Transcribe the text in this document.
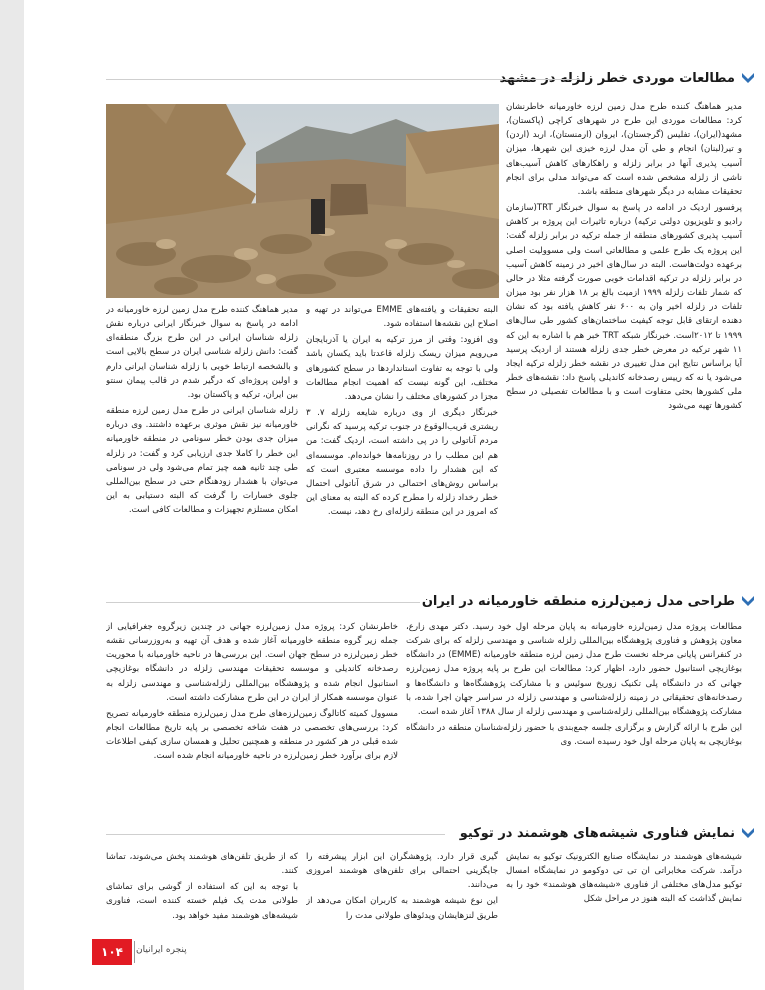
مطالعات موردی خطر زلزله در مشهد

مدیر هماهنگ کننده طرح مدل زمین لرزه خاورمیانه خاطرنشان کرد: مطالعات موردی این طرح در شهرهای کراچی (پاکستان)، مشهد(ایران)، تفلیس (گرجستان)، ایروان (ارمنستان)، اربد (اردن) و تیر(لبنان) انجام و طی آن مدل لرزه خیزی این شهرها، میزان آسیب پذیری آنها در برابر زلزله و راهکارهای کاهش آسیب‌های ناشی از زلزله مشخص شده است که می‌تواند مدلی برای انجام تحقیقات مشابه در دیگر شهرهای منطقه باشد.

پرفسور اردیک در ادامه در پاسخ به سوال خبرنگار TRT(سازمان رادیو و تلویزیون دولتی ترکیه) درباره تاثیرات این پروژه بر کاهش آسیب پذیری کشورهای منطقه از جمله ترکیه در برابر زلزله گفت: این پروژه یک طرح علمی و مطالعاتی است ولی مسوولیت اصلی برعهده دولت‌هاست. البته در سال‌های اخیر در زمینه کاهش آسیب در برابر زلزله در ترکیه اقدامات خوبی صورت گرفته مثلا در حالی که شمار تلفات زلزله ۱۹۹۹ ازمیت بالغ بر ۱۸ هزار نفر بود میزان تلفات در زلزله اخیر وان به ۶۰۰ نفر کاهش یافته بود که نشان دهنده ارتقای قابل توجه کیفیت ساختمان‌های کشور طی سال‌های ۱۹۹۹ تا ۲۰۱۲است. خبرنگار شبکه TRT خبر هم با اشاره به این که ۱۱ شهر ترکیه در معرض خطر جدی زلزله هستند از اردیک پرسید آیا براساس نتایج این مدل تغییری در نقشه خطر زلزله ترکیه ایجاد می‌شود یا نه که رییس رصدخانه کاندیلی پاسخ داد: نقشه‌های خطر ملی کشورها بحثی متفاوت است و با مطالعات تفصیلی در سطح کشورها تهیه می‌شود

البته تحقیقات و یافته‌های EMME می‌تواند در تهیه و اصلاح این نقشه‌ها استفاده شود.

وی افزود: وقتی از مرز ترکیه به ایران یا آذربایجان می‌رویم میزان ریسک زلزله قاعدتا باید یکسان باشد ولی با توجه به تفاوت استانداردها در سطح کشورهای مختلف، این گونه نیست که اهمیت انجام مطالعات مجزا در کشورهای مختلف را نشان می‌دهد.

خبرنگار دیگری از وی درباره شایعه زلزله ۷. ۳ ریشتری قریب‌الوقوع در جنوب ترکیه پرسید که نگرانی مردم آناتولی را در پی داشته است، اردیک گفت: من هم این مطلب را در روزنامه‌ها خوانده‌ام. موسسه‌ای که این هشدار را داده موسسه معتبری است که براساس روش‌های احتمالی در شرق آناتولی احتمال خطر رخداد زلزله را مطرح کرده که البته به معنای این که امروز در این منطقه زلزله‌ای رخ دهد، نیست.

مدیر هماهنگ کننده طرح مدل زمین لرزه خاورمیانه در ادامه در پاسخ به سوال خبرنگار ایرانی درباره نقش زلزله شناسان ایرانی در این طرح بزرگ منطقه‌ای گفت: دانش زلزله شناسی ایران در سطح بالایی است و بالشخصه ارتباط خوبی با زلزله شناسان ایرانی دارم و اولین پروژه‌ای که درگیر شدم در قالب پیمان سنتو بین ایران، ترکیه و پاکستان بود.

زلزله شناسان ایرانی در طرح مدل زمین لرزه منطقه خاورمیانه نیز نقش موثری برعهده داشتند. وی درباره میزان جدی بودن خطر سونامی در منطقه خاورمیانه این خطر را کاملا جدی ارزیابی کرد و گفت: در زلزله طی چند ثانیه همه چیز تمام می‌شود ولی در سونامی می‌توان با هشدار زودهنگام حتی در سطح بین‌المللی جلوی خسارات را گرفت که البته دستیابی به این امکان مستلزم تجهیزات و مطالعات کافی است.

طراحی مدل زمین‌لرزه منطقه خاورمیانه در ایران

مطالعات پروژه مدل زمین‌لرزه خاورمیانه به پایان مرحله اول خود رسید. دکتر مهدی زارع، معاون پژوهش و فناوری پژوهشگاه بین‌المللی زلزله شناسی و مهندسی زلزله که برای شرکت در کنفرانس پایانی مرحله نخست طرح مدل زمین لرزه منطقه خاورمیانه (EMME) در دانشگاه بوغازیچی استانبول حضور دارد، اظهار کرد: مطالعات این طرح بر پایه پروژه مدل زمین‌لرزه جهانی که در دانشگاه پلی تکنیک زوریخ سوئیس و با مشارکت پژوهشگاه‌ها و دانشگاه‌ها و رصدخانه‌های تحقیقاتی در زمینه زلزله‌شناسی و مهندسی زلزله در سراسر جهان اجرا شده، با مشارکت پژوهشگاه بین‌المللی زلزله‌شناسی و مهندسی زلزله از سال ۱۳۸۸ آغاز شده است.

این طرح با ارائه گزارش و برگزاری جلسه جمع‌بندی با حضور زلزله‌شناسان منطقه در دانشگاه بوغازیچی به پایان مرحله اول خود رسیده است. وی

خاطرنشان کرد: پروژه مدل زمین‌لرزه جهانی در چندین زیرگروه جغرافیایی از جمله زیر گروه منطقه خاورمیانه آغاز شده و هدف آن تهیه و به‌روزرسانی نقشه خطر زمین‌لرزه در سطح جهان است. این بررسی‌ها در ناحیه خاورمیانه با محوریت رصدخانه کاندیلی و موسسه تحقیقات مهندسی زلزله در دانشگاه بوغازیچی استانبول انجام شده و پژوهشگاه بین‌المللی زلزله‌شناسی و مهندسی زلزله به عنوان موسسه همکار از ایران در این طرح مشارکت داشته است.

مسوول کمیته کاتالوگ زمین‌لرزه‌های طرح مدل زمین‌لرزه منطقه خاورمیانه تصریح کرد: بررسی‌های تخصصی در هفت شاخه تخصصی بر پایه تاریخ مطالعات انجام شده قبلی در هر کشور در منطقه و همچنین تحلیل و همسان سازی کیفی اطلاعات لازم برای برآورد خطر زمین‌لرزه در ناحیه خاورمیانه انجام شده است.

نمایش فناوری شیشه‌های هوشمند در توکیو

شیشه‌های هوشمند در نمایشگاه صنایع الکترونیک توکیو به نمایش درآمد. شرکت مخابراتی ان تی تی دوکومو در نمایشگاه امسال توکیو مدل‌های مختلفی از فناوری «شیشه‌های هوشمند» خود را به نمایش گذاشت که البته هنوز در مراحل شکل

گیری قرار دارد. پژوهشگران این ابزار پیشرفته را جایگزینی احتمالی برای تلفن‌های هوشمند امروزی می‌دانند.

این نوع شیشه هوشمند به کاربران امکان می‌دهد از طریق لنزهایشان ویدئوهای طولانی مدت را

که از طریق تلفن‌های هوشمند پخش می‌شوند، تماشا کنند.

با توجه به این که استفاده از گوشی برای تماشای طولانی مدت یک فیلم خسته کننده است، فناوری شیشه‌های هوشمند مفید خواهد بود.

۱۰۴	پنجره ایرانیان
